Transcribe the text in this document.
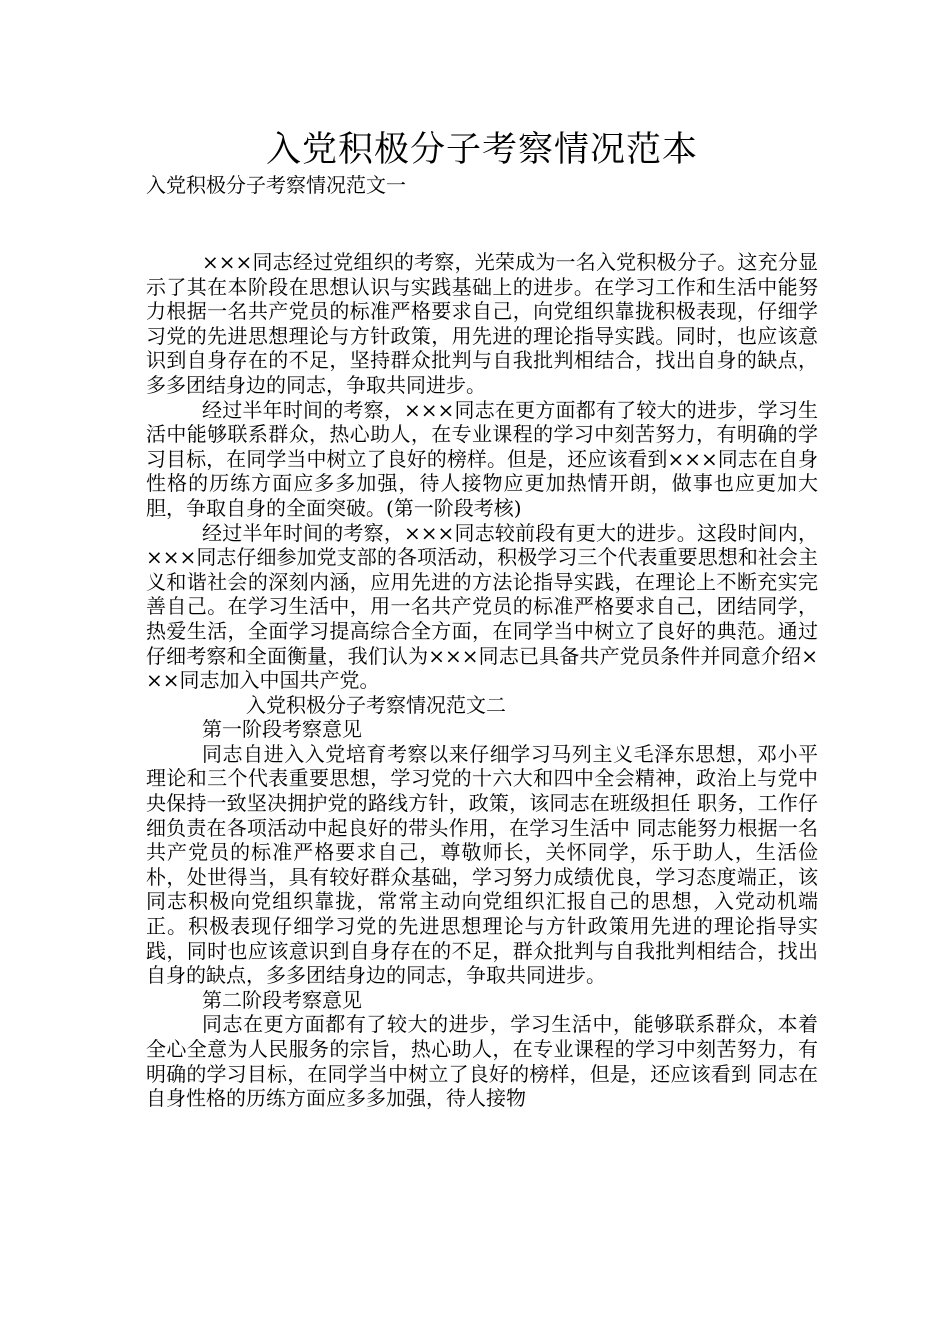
入党积极分子考察情况范本

入党积极分子考察情况范文一

×××同志经过党组织的考察，光荣成为一名入党积极分子。这充分显示了其在本阶段在思想认识与实践基础上的进步。在学习工作和生活中能努力根据一名共产党员的标准严格要求自己，向党组织靠拢积极表现，仔细学习党的先进思想理论与方针政策，用先进的理论指导实践。同时，也应该意识到自身存在的不足，坚持群众批判与自我批判相结合，找出自身的缺点，多多团结身边的同志，争取共同进步。

经过半年时间的考察，×××同志在更方面都有了较大的进步，学习生活中能够联系群众，热心助人，在专业课程的学习中刻苦努力，有明确的学习目标，在同学当中树立了良好的榜样。但是，还应该看到×××同志在自身性格的历练方面应多多加强，待人接物应更加热情开朗，做事也应更加大胆，争取自身的全面突破。(第一阶段考核)

经过半年时间的考察，×××同志较前段有更大的进步。这段时间内，×××同志仔细参加党支部的各项活动，积极学习三个代表重要思想和社会主义和谐社会的深刻内涵，应用先进的方法论指导实践，在理论上不断充实完善自己。在学习生活中，用一名共产党员的标准严格要求自己，团结同学，热爱生活，全面学习提高综合全方面，在同学当中树立了良好的典范。通过仔细考察和全面衡量，我们认为×××同志已具备共产党员条件并同意介绍×××同志加入中国共产党。

入党积极分子考察情况范文二

第一阶段考察意见

同志自进入入党培育考察以来仔细学习马列主义毛泽东思想，邓小平理论和三个代表重要思想，学习党的十六大和四中全会精神，政治上与党中央保持一致坚决拥护党的路线方针，政策，该同志在班级担任 职务，工作仔细负责在各项活动中起良好的带头作用，在学习生活中 同志能努力根据一名共产党员的标准严格要求自己，尊敬师长，关怀同学，乐于助人，生活俭朴，处世得当，具有较好群众基础，学习努力成绩优良，学习态度端正，该同志积极向党组织靠拢，常常主动向党组织汇报自己的思想，入党动机端正。积极表现仔细学习党的先进思想理论与方针政策用先进的理论指导实践，同时也应该意识到自身存在的不足，群众批判与自我批判相结合，找出自身的缺点，多多团结身边的同志，争取共同进步。

第二阶段考察意见

同志在更方面都有了较大的进步，学习生活中，能够联系群众，本着全心全意为人民服务的宗旨，热心助人，在专业课程的学习中刻苦努力，有明确的学习目标，在同学当中树立了良好的榜样，但是，还应该看到 同志在自身性格的历练方面应多多加强，待人接物
